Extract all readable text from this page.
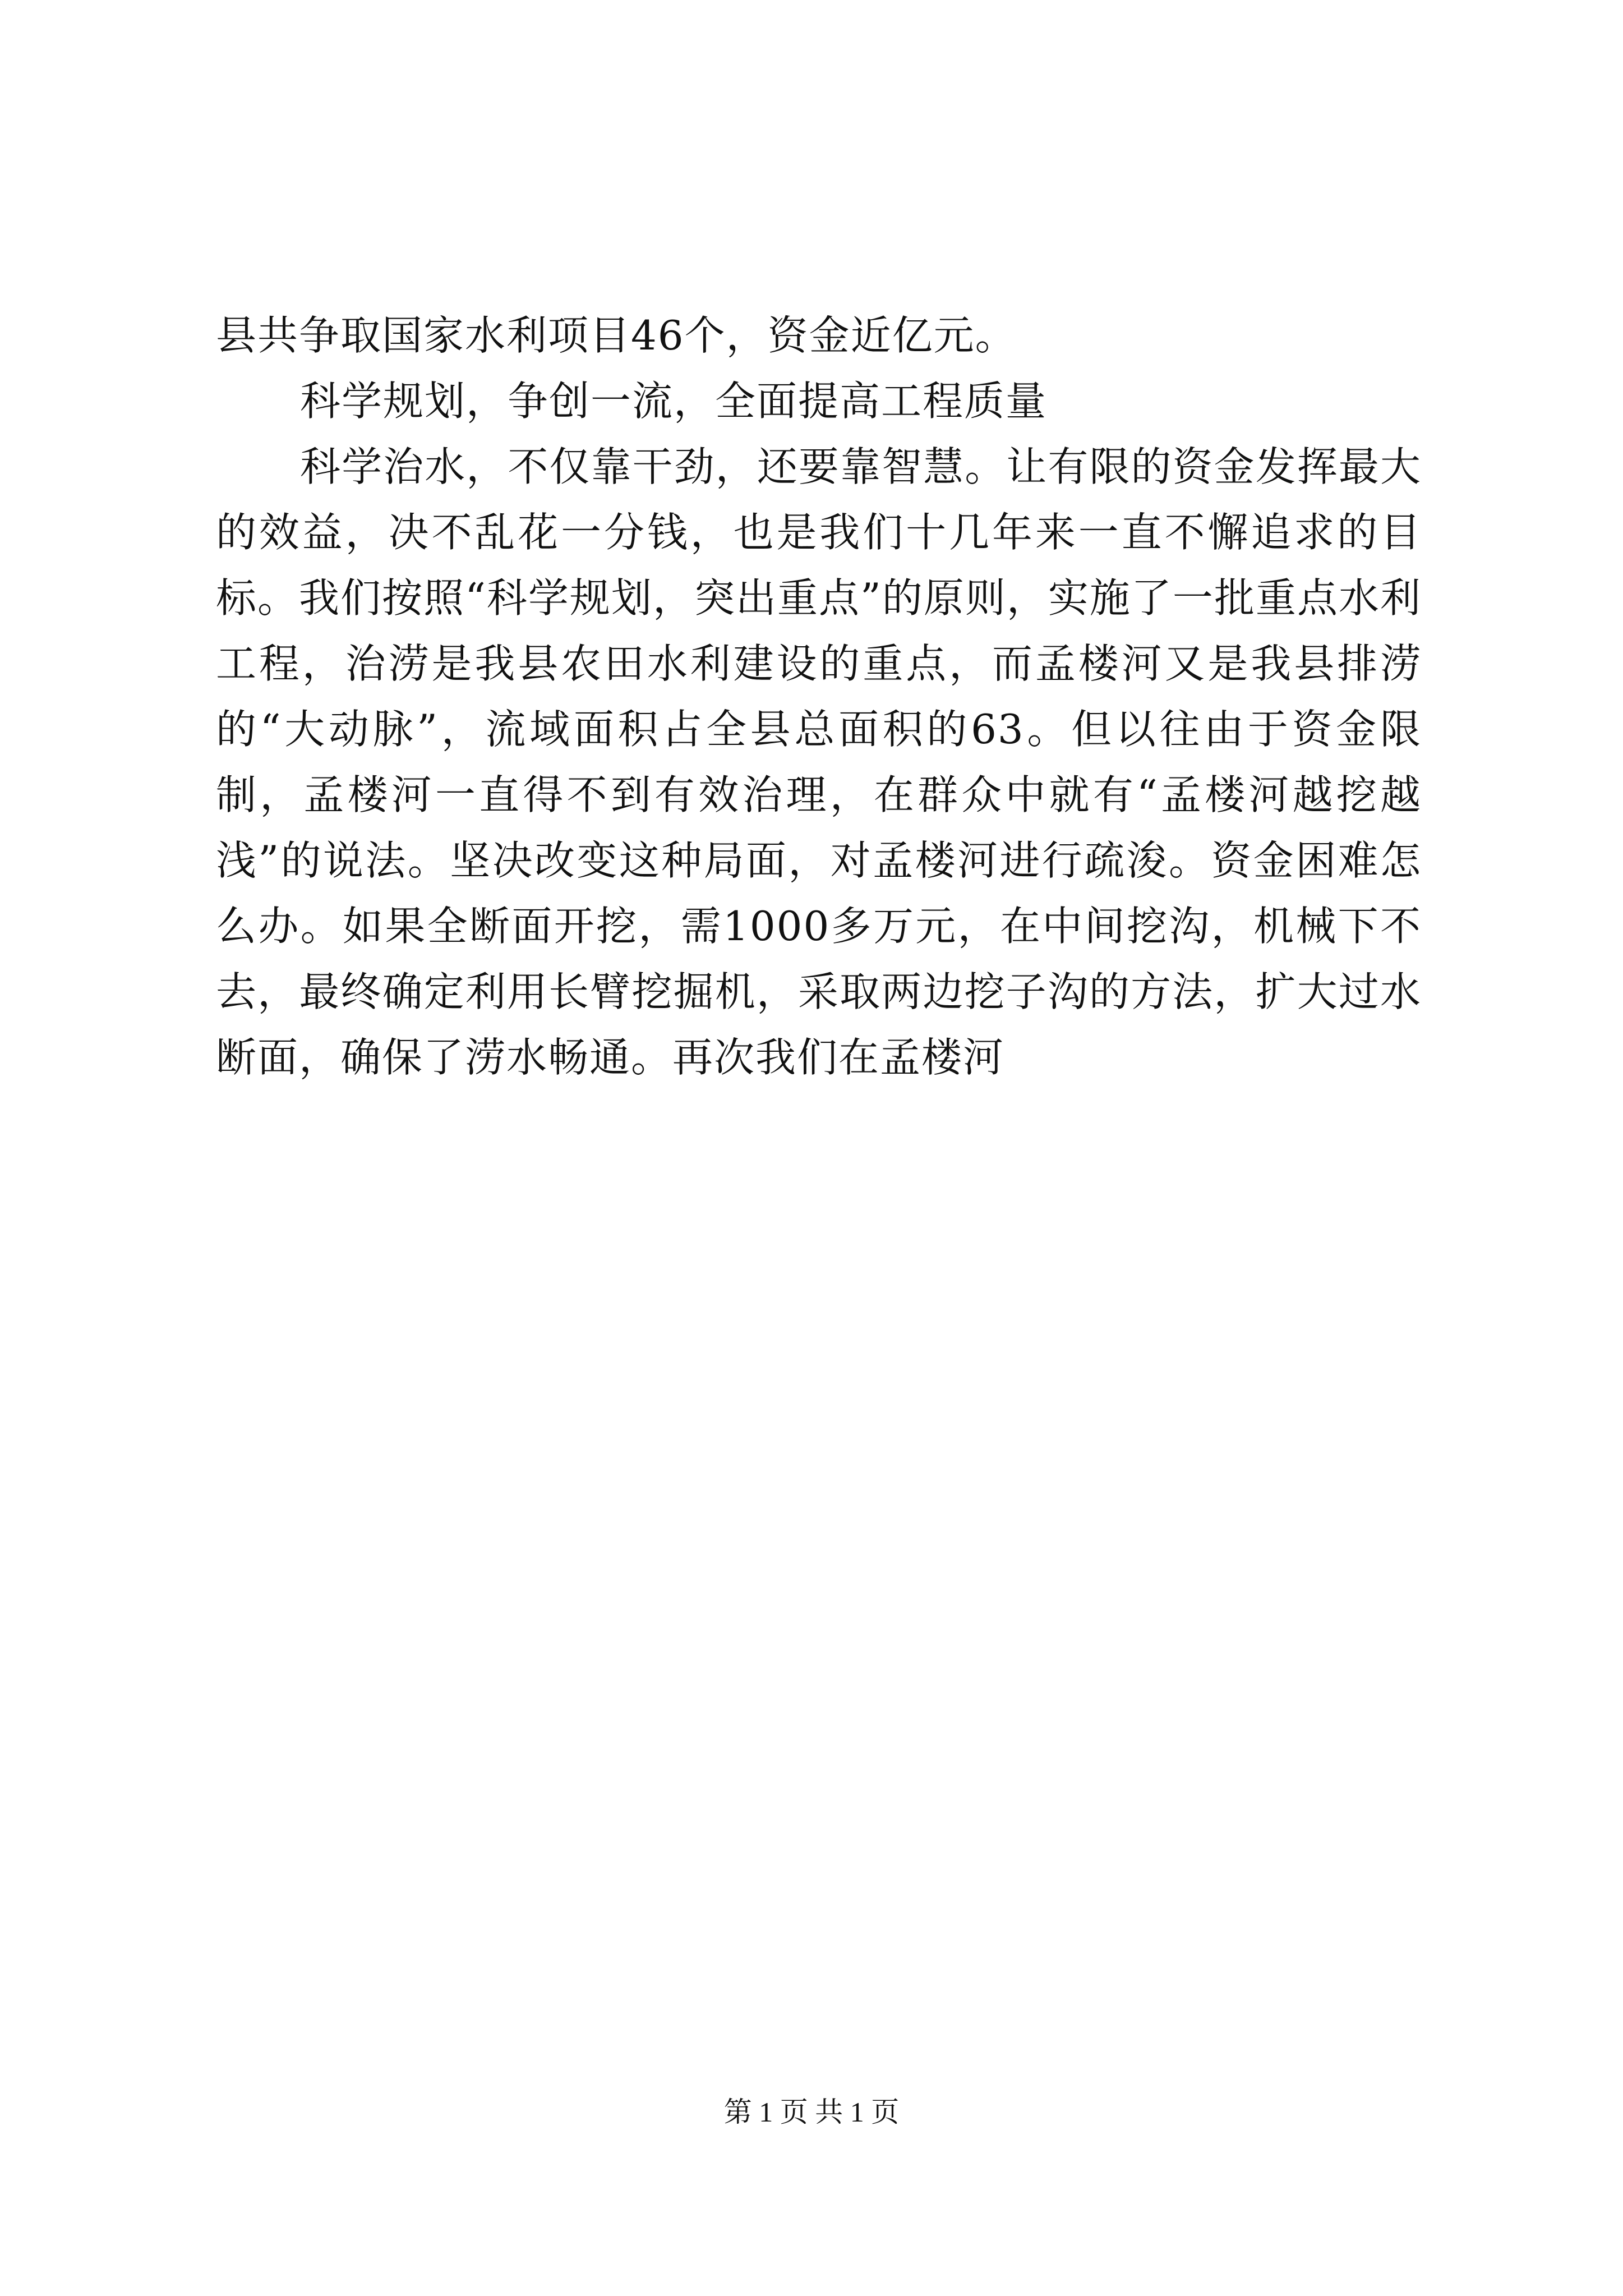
县共争取国家水利项目46个，资金近亿元。

科学规划，争创一流，全面提高工程质量

科学治水，不仅靠干劲，还要靠智慧。让有限的资金发挥最大的效益，决不乱花一分钱，也是我们十几年来一直不懈追求的目标。我们按照“科学规划，突出重点”的原则，实施了一批重点水利工程，治涝是我县农田水利建设的重点，而孟楼河又是我县排涝的“大动脉”，流域面积占全县总面积的63。但以往由于资金限制，孟楼河一直得不到有效治理，在群众中就有“孟楼河越挖越浅”的说法。坚决改变这种局面，对孟楼河进行疏浚。资金困难怎么办。如果全断面开挖，需1000多万元，在中间挖沟，机械下不去，最终确定利用长臂挖掘机，采取两边挖子沟的方法，扩大过水断面，确保了涝水畅通。再次我们在孟楼河

第 1 页 共 1 页
